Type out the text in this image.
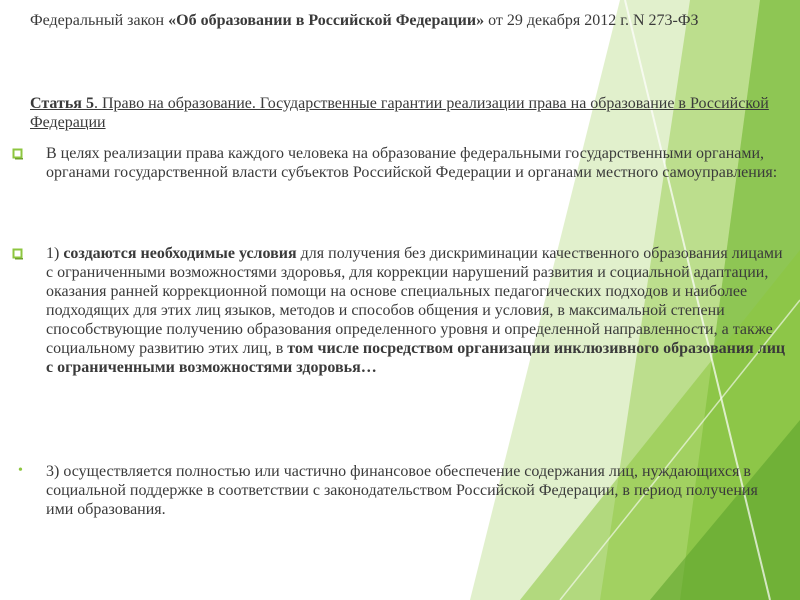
Федеральный закон «Об образовании в Российской Федерации» от 29 декабря 2012 г. N 273-ФЗ
Статья 5. Право на образование. Государственные гарантии реализации права на образование в Российской Федерации
В целях реализации права каждого человека на образование федеральными государственными органами, органами государственной власти субъектов Российской Федерации и органами местного самоуправления:
1) создаются необходимые условия для получения без дискриминации качественного образования лицами с ограниченными возможностями здоровья, для коррекции нарушений развития и социальной адаптации, оказания ранней коррекционной помощи на основе специальных педагогических подходов и наиболее подходящих для этих лиц языков, методов и способов общения и условия, в максимальной степени способствующие получению образования определенного уровня и определенной направленности, а также социальному развитию этих лиц, в том числе посредством организации инклюзивного образования лиц с ограниченными возможностями здоровья…
•	3) осуществляется полностью или частично финансовое обеспечение содержания лиц, нуждающихся в социальной поддержке в соответствии с законодательством Российской Федерации, в период получения ими образования.
